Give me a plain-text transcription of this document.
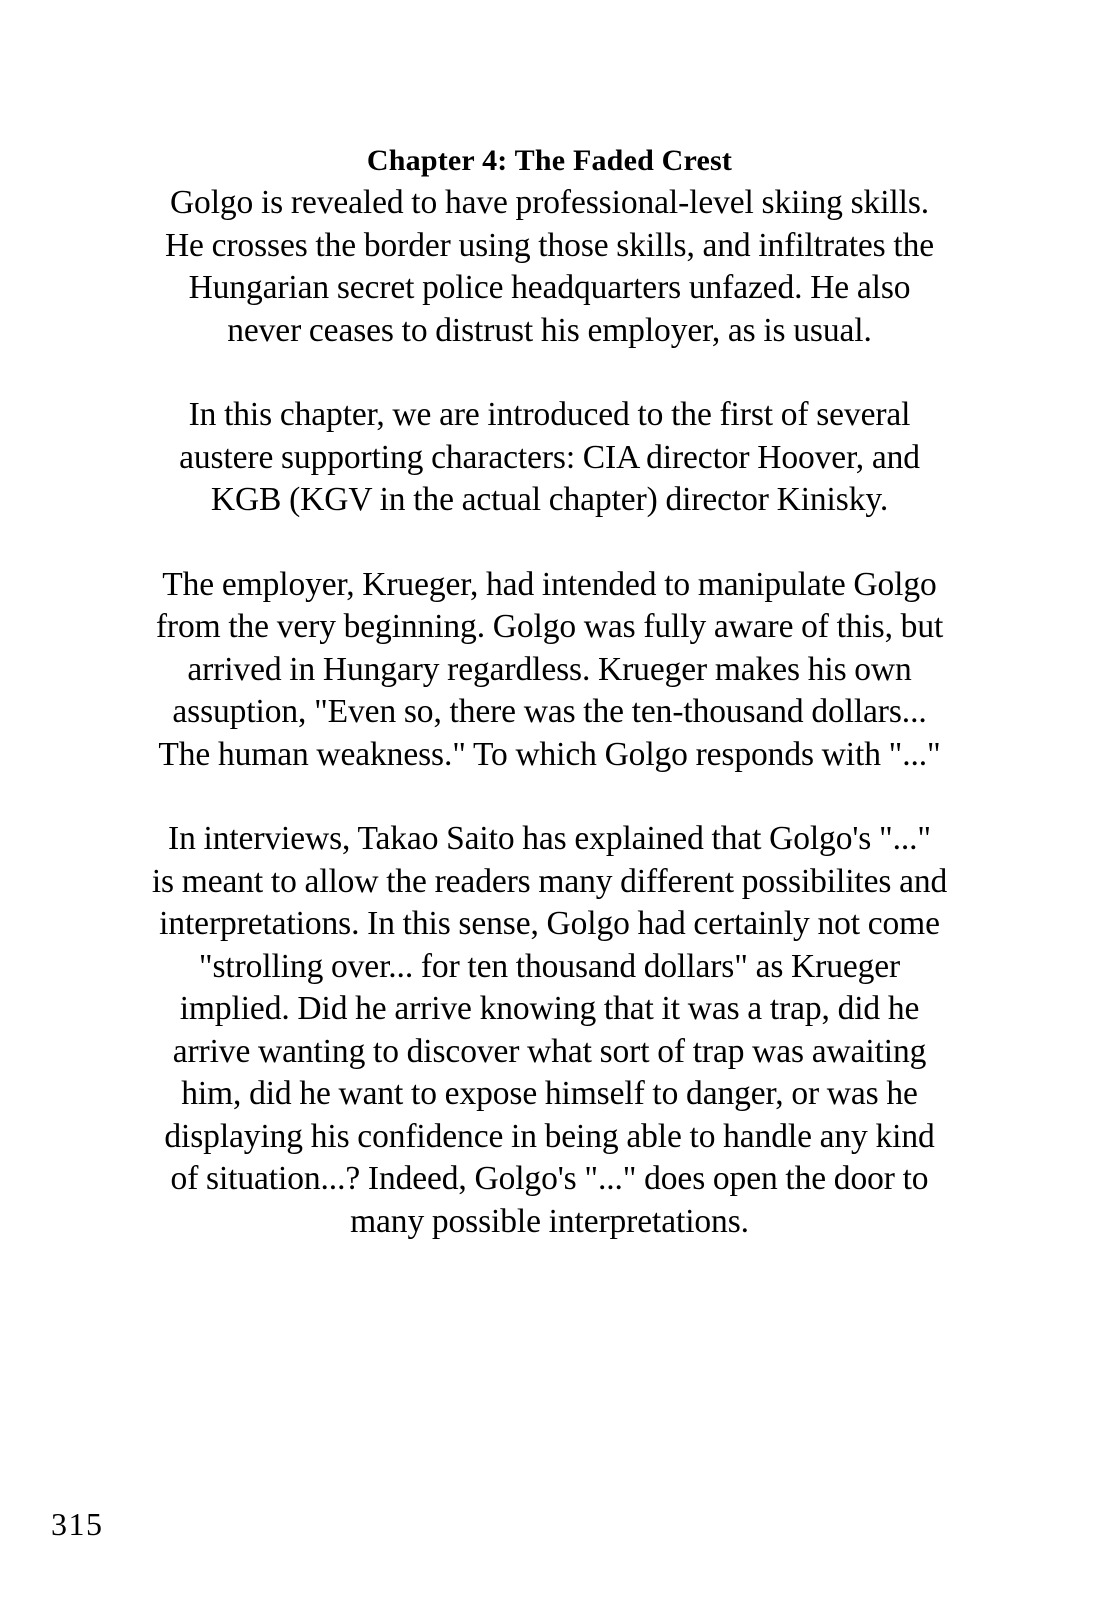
Chapter 4: The Faded Crest

Golgo is revealed to have professional-level skiing skills.
He crosses the border using those skills, and infiltrates the
Hungarian secret police headquarters unfazed. He also
never ceases to distrust his employer, as is usual.

In this chapter, we are introduced to the first of several
austere supporting characters: CIA director Hoover, and
KGB (KGV in the actual chapter) director Kinisky.

The employer, Krueger, had intended to manipulate Golgo
from the very beginning. Golgo was fully aware of this, but
arrived in Hungary regardless. Krueger makes his own
assuption, "Even so, there was the ten-thousand dollars...
The human weakness." To which Golgo responds with "..."

In interviews, Takao Saito has explained that Golgo's "..."
is meant to allow the readers many different possibilites and
interpretations. In this sense, Golgo had certainly not come
"strolling over... for ten thousand dollars" as Krueger
implied. Did he arrive knowing that it was a trap, did he
arrive wanting to discover what sort of trap was awaiting
him, did he want to expose himself to danger, or was he
displaying his confidence in being able to handle any kind
of situation...? Indeed, Golgo's "..." does open the door to
many possible interpretations.

315
